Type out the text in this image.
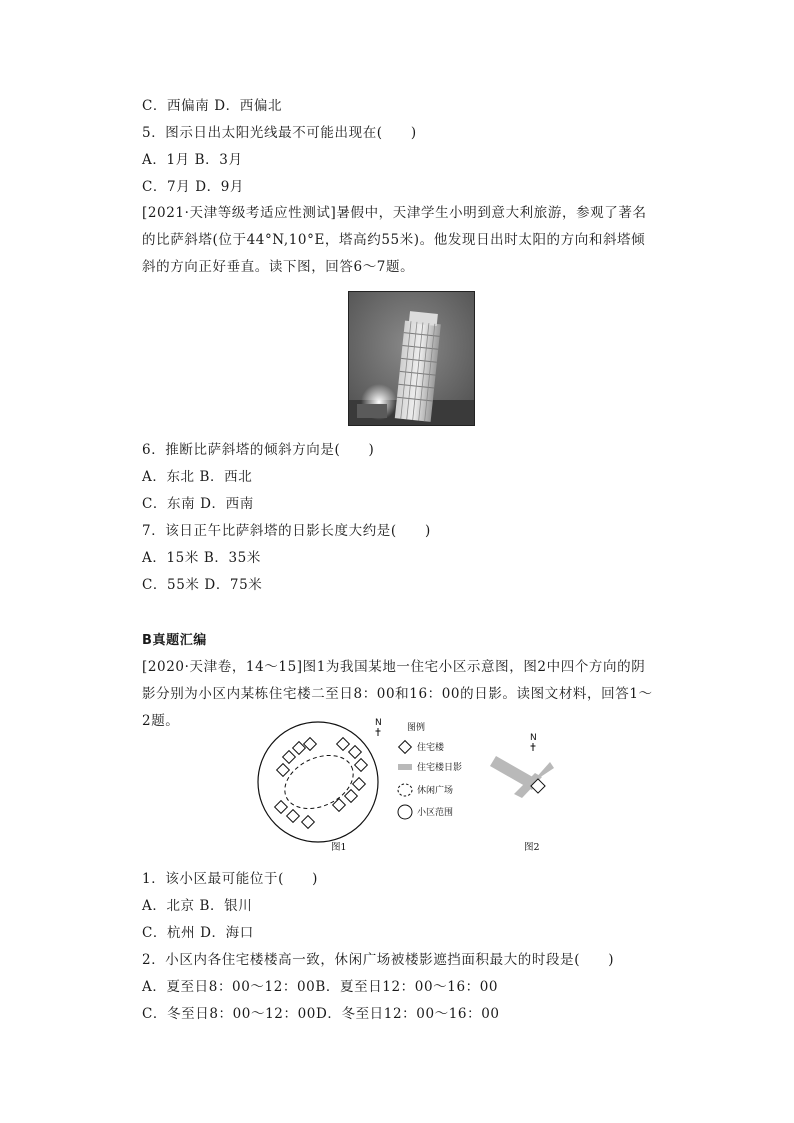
C．西偏南 D．西偏北
5．图示日出太阳光线最不可能出现在(　　)
A．1月 B．3月
C．7月 D．9月
[2021·天津等级考适应性测试]暑假中，天津学生小明到意大利旅游，参观了著名的比萨斜塔(位于44°N,10°E，塔高约55米)。他发现日出时太阳的方向和斜塔倾斜的方向正好垂直。读下图，回答6～7题。
6．推断比萨斜塔的倾斜方向是(　　)
A．东北 B．西北
C．东南 D．西南
7．该日正午比萨斜塔的日影长度大约是(　　)
A．15米 B．35米
C．55米 D．75米
B真题汇编
[2020·天津卷，14～15]图1为我国某地一住宅小区示意图，图2中四个方向的阴影分别为小区内某栋住宅楼二至日8：00和16：00的日影。读图文材料，回答1～2题。	N	图例
住宅楼
住宅楼日影
休闲广场
小区范围
图1
N
图2
1．该小区最可能位于(　　)
A．北京 B．银川
C．杭州 D．海口
2．小区内各住宅楼楼高一致，休闲广场被楼影遮挡面积最大的时段是(　　)
A．夏至日8：00～12：00B．夏至日12：00～16：00
C．冬至日8：00～12：00D．冬至日12：00～16：00
